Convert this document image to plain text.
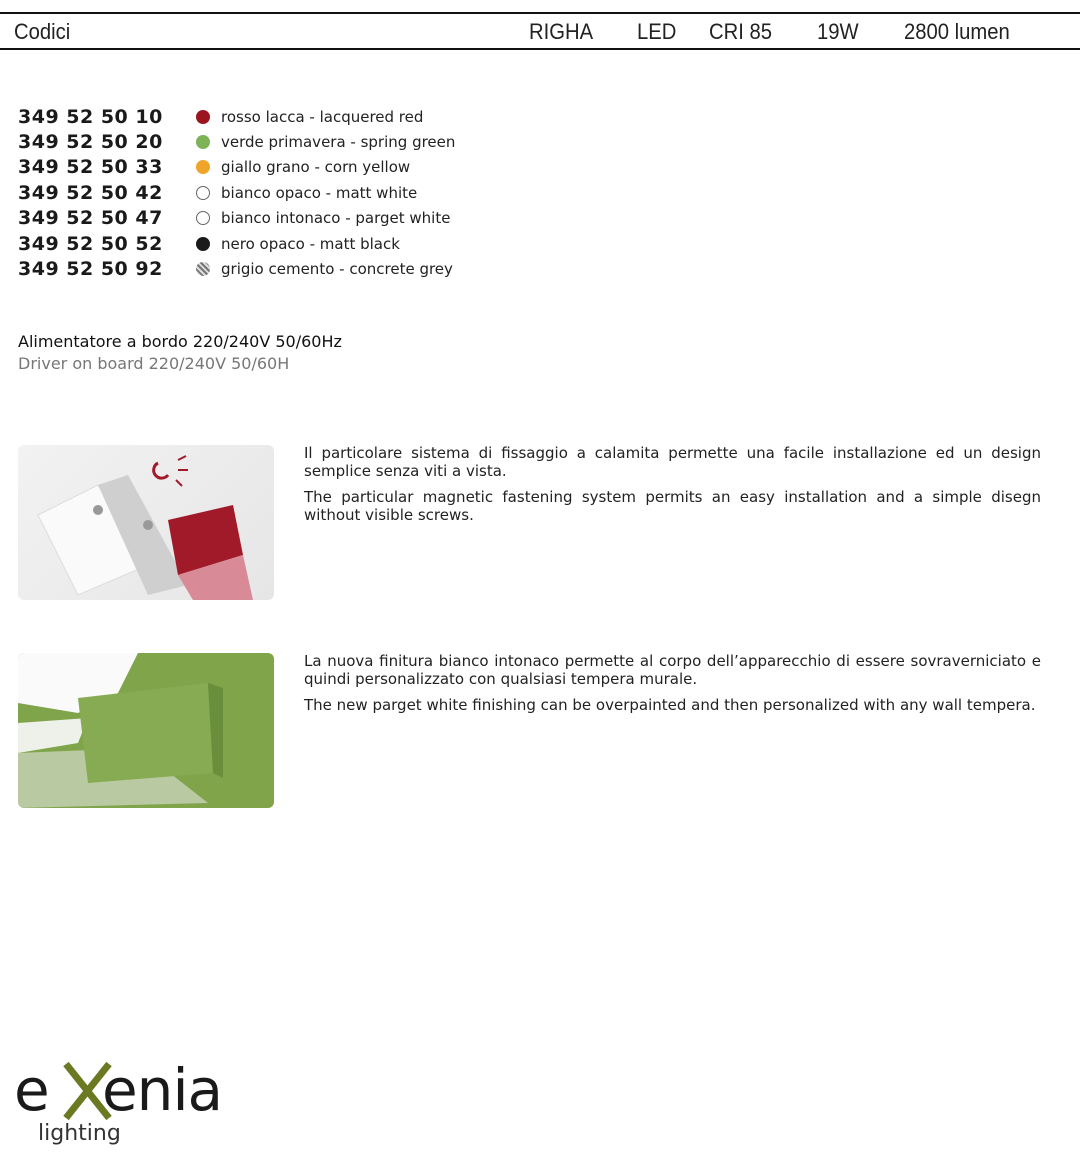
Codici	RIGHA LED CRI 85 19W 2800 lumen
349 52 50 10	rosso lacca - lacquered red
349 52 50 20	verde primavera - spring green
349 52 50 33	giallo grano - corn yellow
349 52 50 42	bianco opaco - matt white
349 52 50 47	bianco intonaco - parget white
349 52 50 52	nero opaco - matt black
349 52 50 92	grigio cemento - concrete grey
Alimentatore a bordo 220/240V 50/60Hz
Driver on board 220/240V 50/60H

Il particolare sistema di fissaggio a calamita permette una facile installazione ed un design semplice senza viti a vista.

The particular magnetic fastening system permits an easy installation and a simple disegn without visible screws.

La nuova finitura bianco intonaco permette al corpo dell’apparecchio di essere sovraverniciato e quindi personalizzato con qualsiasi tempera murale.

The new parget white finishing can be overpainted and then personalized with any wall tempera.

e enia
lighting
